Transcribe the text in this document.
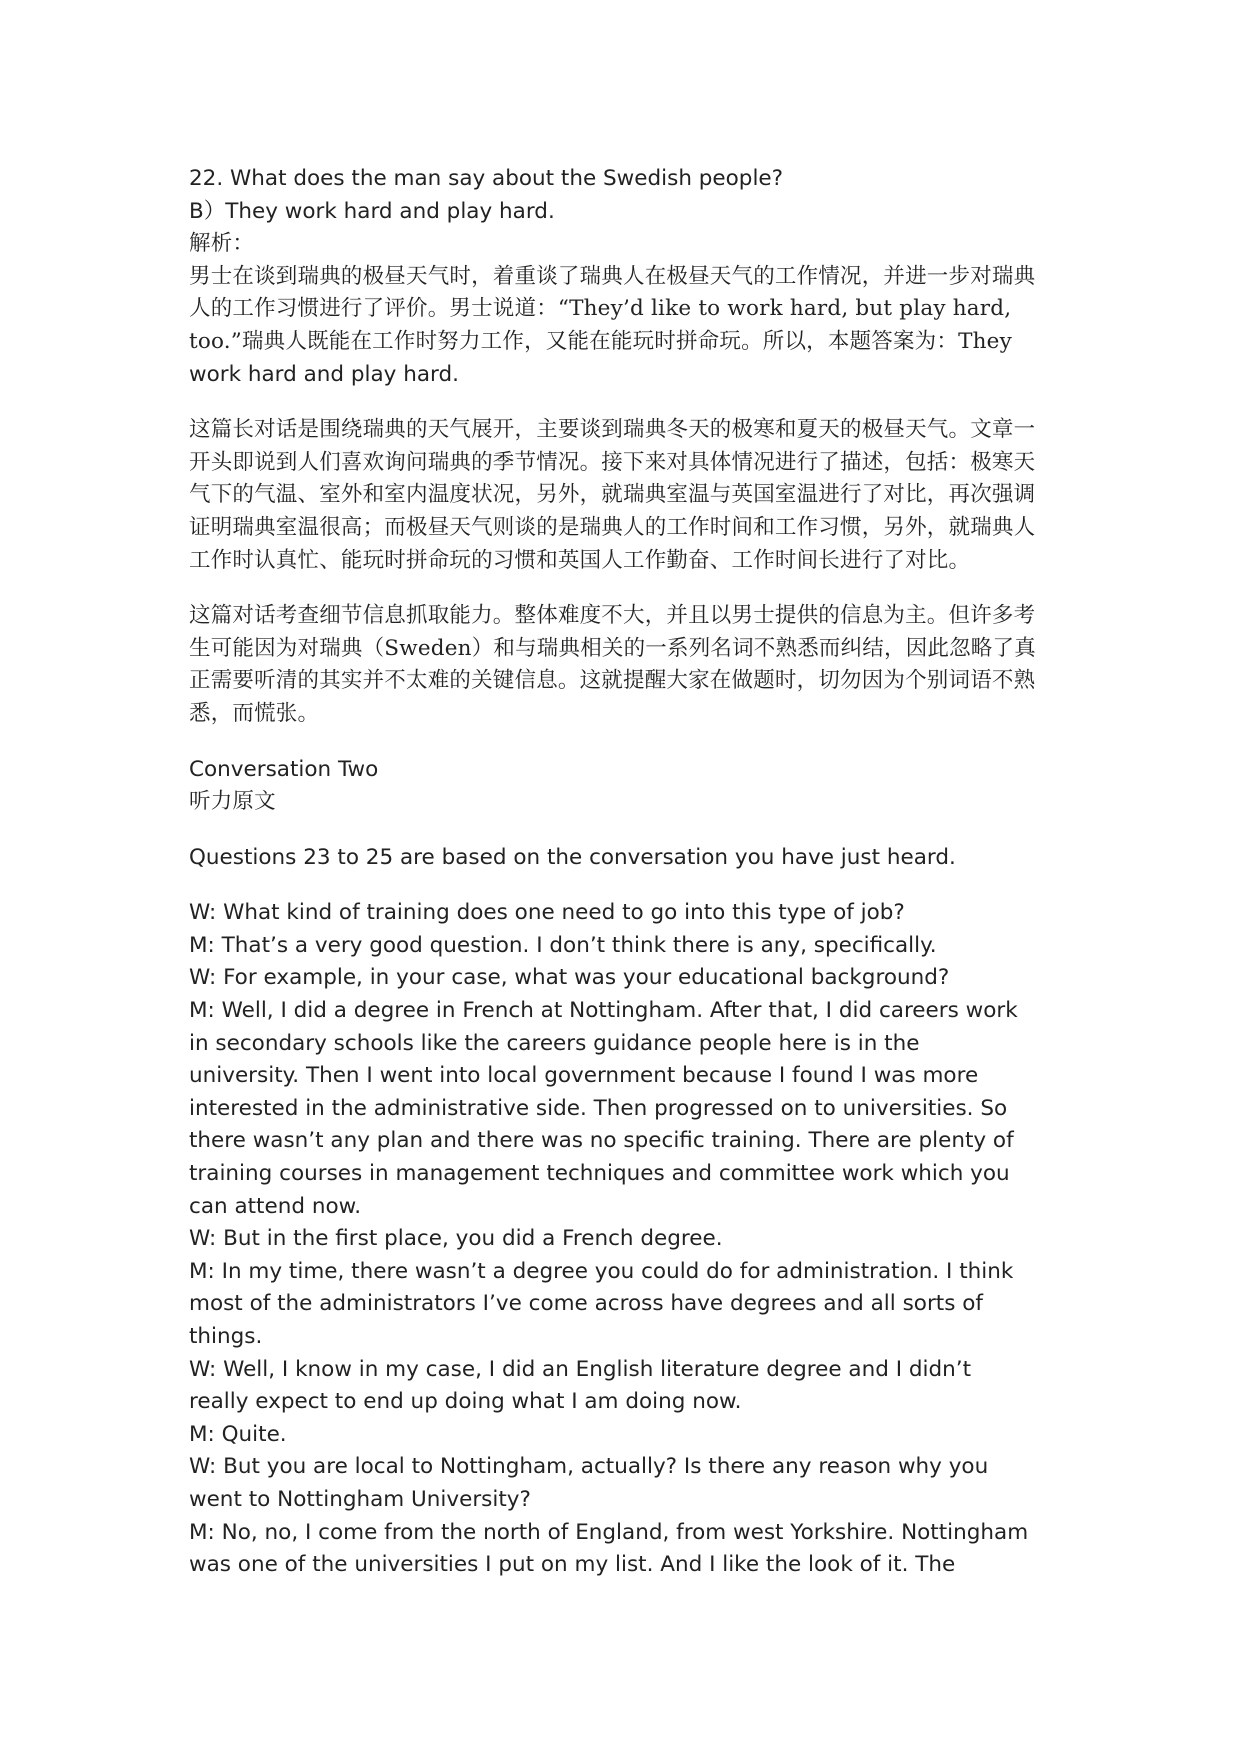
22. What does the man say about the Swedish people?
B）They work hard and play hard.
解析：
男士在谈到瑞典的极昼天气时，着重谈了瑞典人在极昼天气的工作情况，并进一步对瑞典
人的工作习惯进行了评价。男士说道：“They’d like to work hard, but play hard,
too.”瑞典人既能在工作时努力工作，又能在能玩时拼命玩。所以，本题答案为：They
work hard and play hard.
这篇长对话是围绕瑞典的天气展开，主要谈到瑞典冬天的极寒和夏天的极昼天气。文章一
开头即说到人们喜欢询问瑞典的季节情况。接下来对具体情况进行了描述，包括：极寒天
气下的气温、室外和室内温度状况，另外，就瑞典室温与英国室温进行了对比，再次强调
证明瑞典室温很高；而极昼天气则谈的是瑞典人的工作时间和工作习惯，另外，就瑞典人
工作时认真忙、能玩时拼命玩的习惯和英国人工作勤奋、工作时间长进行了对比。
这篇对话考查细节信息抓取能力。整体难度不大，并且以男士提供的信息为主。但许多考
生可能因为对瑞典（Sweden）和与瑞典相关的一系列名词不熟悉而纠结，因此忽略了真
正需要听清的其实并不太难的关键信息。这就提醒大家在做题时，切勿因为个别词语不熟
悉，而慌张。
Conversation Two
听力原文
Questions 23 to 25 are based on the conversation you have just heard.
W: What kind of training does one need to go into this type of job?
M: That’s a very good question. I don’t think there is any, specifically.
W: For example, in your case, what was your educational background?
M: Well, I did a degree in French at Nottingham. After that, I did careers work
in secondary schools like the careers guidance people here is in the
university. Then I went into local government because I found I was more
interested in the administrative side. Then progressed on to universities. So
there wasn’t any plan and there was no specific training. There are plenty of
training courses in management techniques and committee work which you
can attend now.
W: But in the first place, you did a French degree.
M: In my time, there wasn’t a degree you could do for administration. I think
most of the administrators I’ve come across have degrees and all sorts of
things.
W: Well, I know in my case, I did an English literature degree and I didn’t
really expect to end up doing what I am doing now.
M: Quite.
W: But you are local to Nottingham, actually? Is there any reason why you
went to Nottingham University?
M: No, no, I come from the north of England, from west Yorkshire. Nottingham
was one of the universities I put on my list. And I like the look of it. The
